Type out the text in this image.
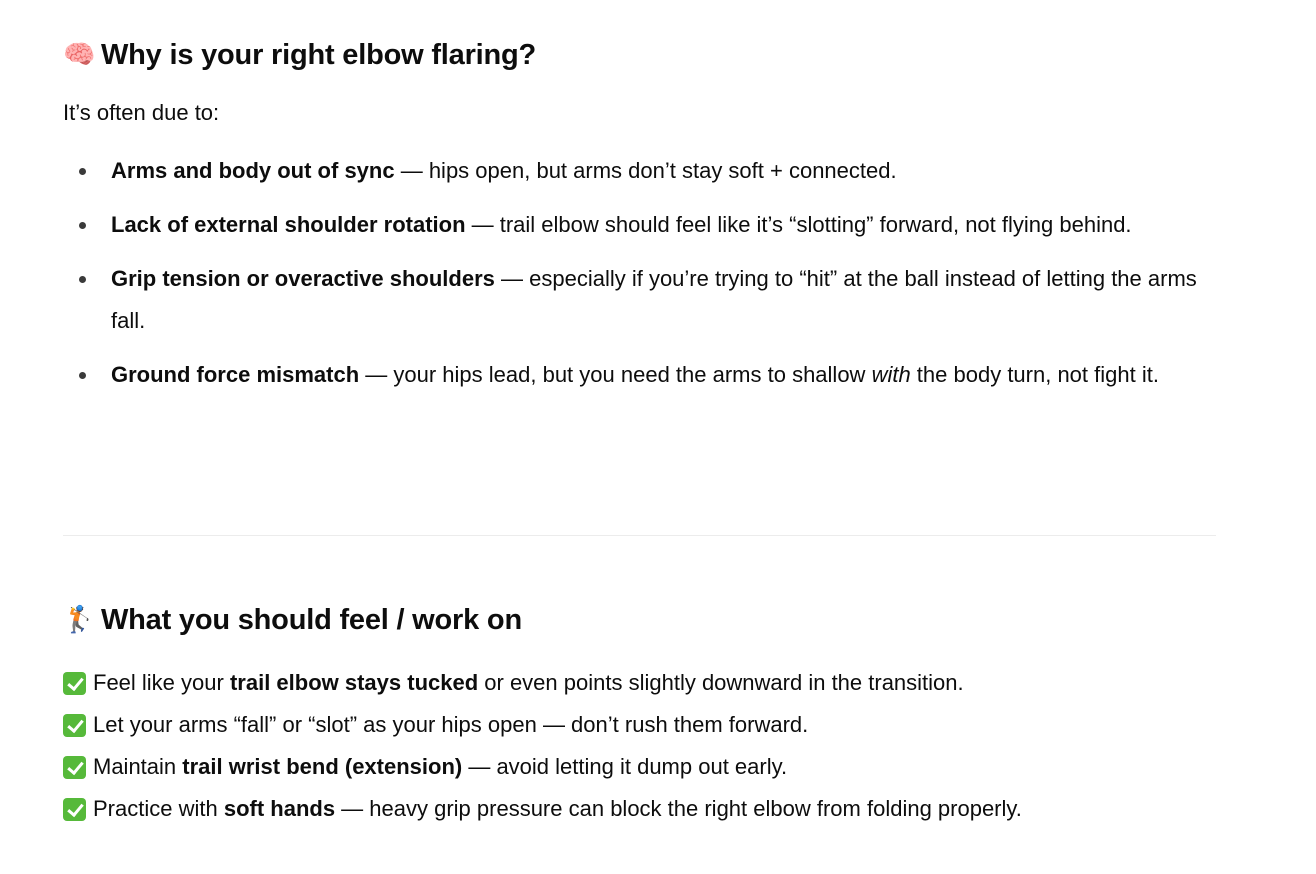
🧠 Why is your right elbow flaring?

It’s often due to:

Arms and body out of sync — hips open, but arms don’t stay soft + connected.
Lack of external shoulder rotation — trail elbow should feel like it’s “slotting” forward, not flying behind.
Grip tension or overactive shoulders — especially if you’re trying to “hit” at the ball instead of letting the arms fall.
Ground force mismatch — your hips lead, but you need the arms to shallow with the body turn, not fight it.
🏌️ What you should feel / work on
Feel like your trail elbow stays tucked or even points slightly downward in the transition.
Let your arms “fall” or “slot” as your hips open — don’t rush them forward.
Maintain trail wrist bend (extension) — avoid letting it dump out early.
Practice with soft hands — heavy grip pressure can block the right elbow from folding properly.
